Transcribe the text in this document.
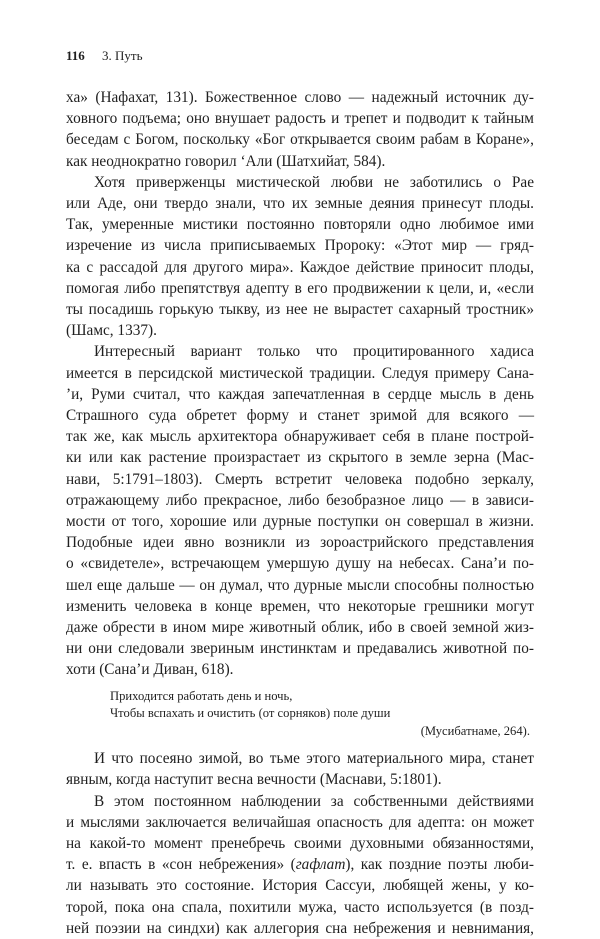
116 3. Путь
ха» (Нафахат, 131). Божественное слово — надежный источник ду-
ховного подъема; оно внушает радость и трепет и подводит к тайным
беседам с Богом, поскольку «Бог открывается своим рабам в Коране»,
как неоднократно говорил ‘Али (Шатхийат, 584).
Хотя приверженцы мистической любви не заботились о Рае
или Аде, они твердо знали, что их земные деяния принесут плоды.
Так, умеренные мистики постоянно повторяли одно любимое ими
изречение из числа приписываемых Пророку: «Этот мир — гряд-
ка с рассадой для другого мира». Каждое действие приносит плоды,
помогая либо препятствуя адепту в его продвижении к цели, и, «если
ты посадишь горькую тыкву, из нее не вырастет сахарный тростник»
(Шамс, 1337).
Интересный вариант только что процитированного хадиса
имеется в персидской мистической традиции. Следуя примеру Сана-
’и, Руми считал, что каждая запечатленная в сердце мысль в день
Страшного суда обретет форму и станет зримой для всякого —
так же, как мысль архитектора обнаруживает себя в плане построй-
ки или как растение произрастает из скрытого в земле зерна (Мас-
нави, 5:1791–1803). Смерть встретит человека подобно зеркалу,
отражающему либо прекрасное, либо безобразное лицо — в зависи-
мости от того, хорошие или дурные поступки он совершал в жизни.
Подобные идеи явно возникли из зороастрийского представления
о «свидетеле», встречающем умершую душу на небесах. Сана’и по-
шел еще дальше — он думал, что дурные мысли способны полностью
изменить человека в конце времен, что некоторые грешники могут
даже обрести в ином мире животный облик, ибо в своей земной жиз-
ни они следовали звериным инстинктам и предавались животной по-
хоти (Сана’и Диван, 618).
Приходится работать день и ночь,
Чтобы вспахать и очистить (от сорняков) поле души
(Мусибатнаме, 264).
И что посеяно зимой, во тьме этого материального мира, станет
явным, когда наступит весна вечности (Маснави, 5:1801).
В этом постоянном наблюдении за собственными действиями
и мыслями заключается величайшая опасность для адепта: он может
на какой-то момент пренебречь своими духовными обязанностями,
т. е. впасть в «сон небрежения» (гафлат), как поздние поэты люби-
ли называть это состояние. История Сассуи, любящей жены, у ко-
торой, пока она спала, похитили мужа, часто используется (в позд-
ней поэзии на синдхи) как аллегория сна небрежения и невнимания,
